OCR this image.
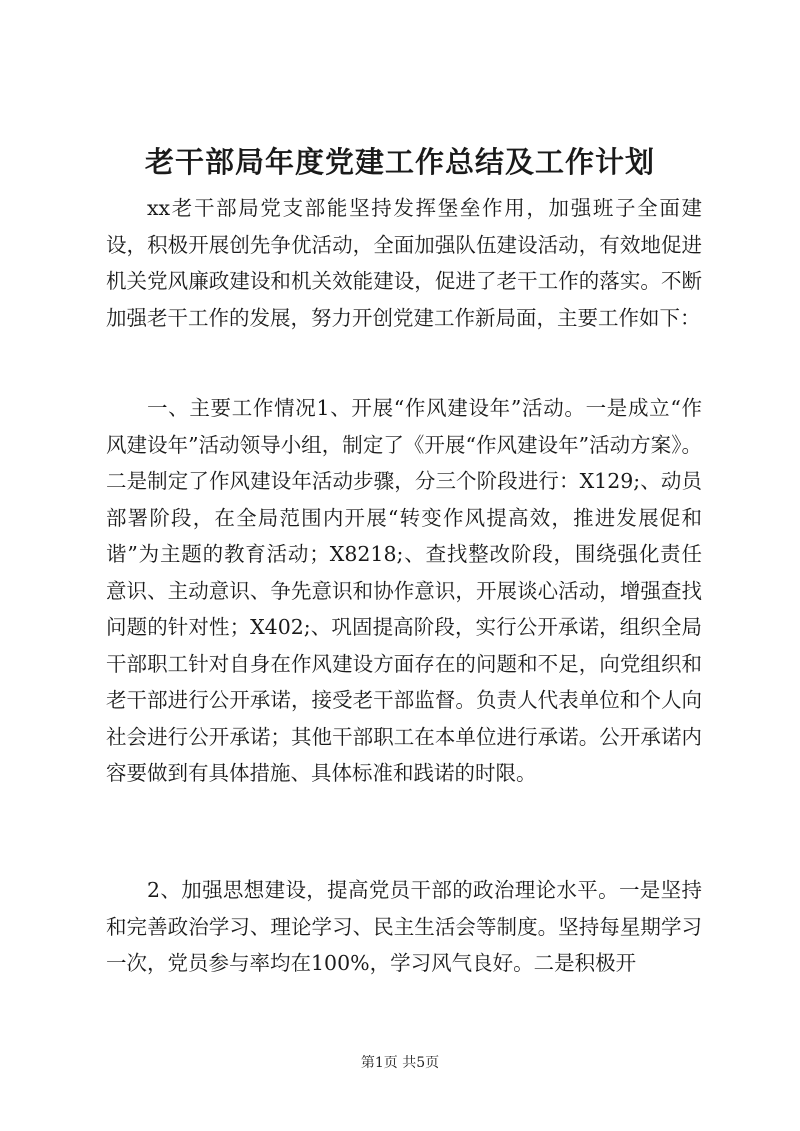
老干部局年度党建工作总结及工作计划

xx老干部局党支部能坚持发挥堡垒作用，加强班子全面建设，积极开展创先争优活动，全面加强队伍建设活动，有效地促进机关党风廉政建设和机关效能建设，促进了老干工作的落实。不断加强老干工作的发展，努力开创党建工作新局面，主要工作如下：

一、主要工作情况1、开展“作风建设年”活动。一是成立“作风建设年”活动领导小组，制定了《开展“作风建设年”活动方案》。二是制定了作风建设年活动步骤，分三个阶段进行：X129;、动员部署阶段，在全局范围内开展“转变作风提高效，推进发展促和谐”为主题的教育活动；X8218;、查找整改阶段，围绕强化责任意识、主动意识、争先意识和协作意识，开展谈心活动，增强查找问题的针对性；X402;、巩固提高阶段，实行公开承诺，组织全局干部职工针对自身在作风建设方面存在的问题和不足，向党组织和老干部进行公开承诺，接受老干部监督。负责人代表单位和个人向社会进行公开承诺；其他干部职工在本单位进行承诺。公开承诺内容要做到有具体措施、具体标准和践诺的时限。

2、加强思想建设，提高党员干部的政治理论水平。一是坚持和完善政治学习、理论学习、民主生活会等制度。坚持每星期学习一次，党员参与率均在100%，学习风气良好。二是积极开

第1页 共5页
